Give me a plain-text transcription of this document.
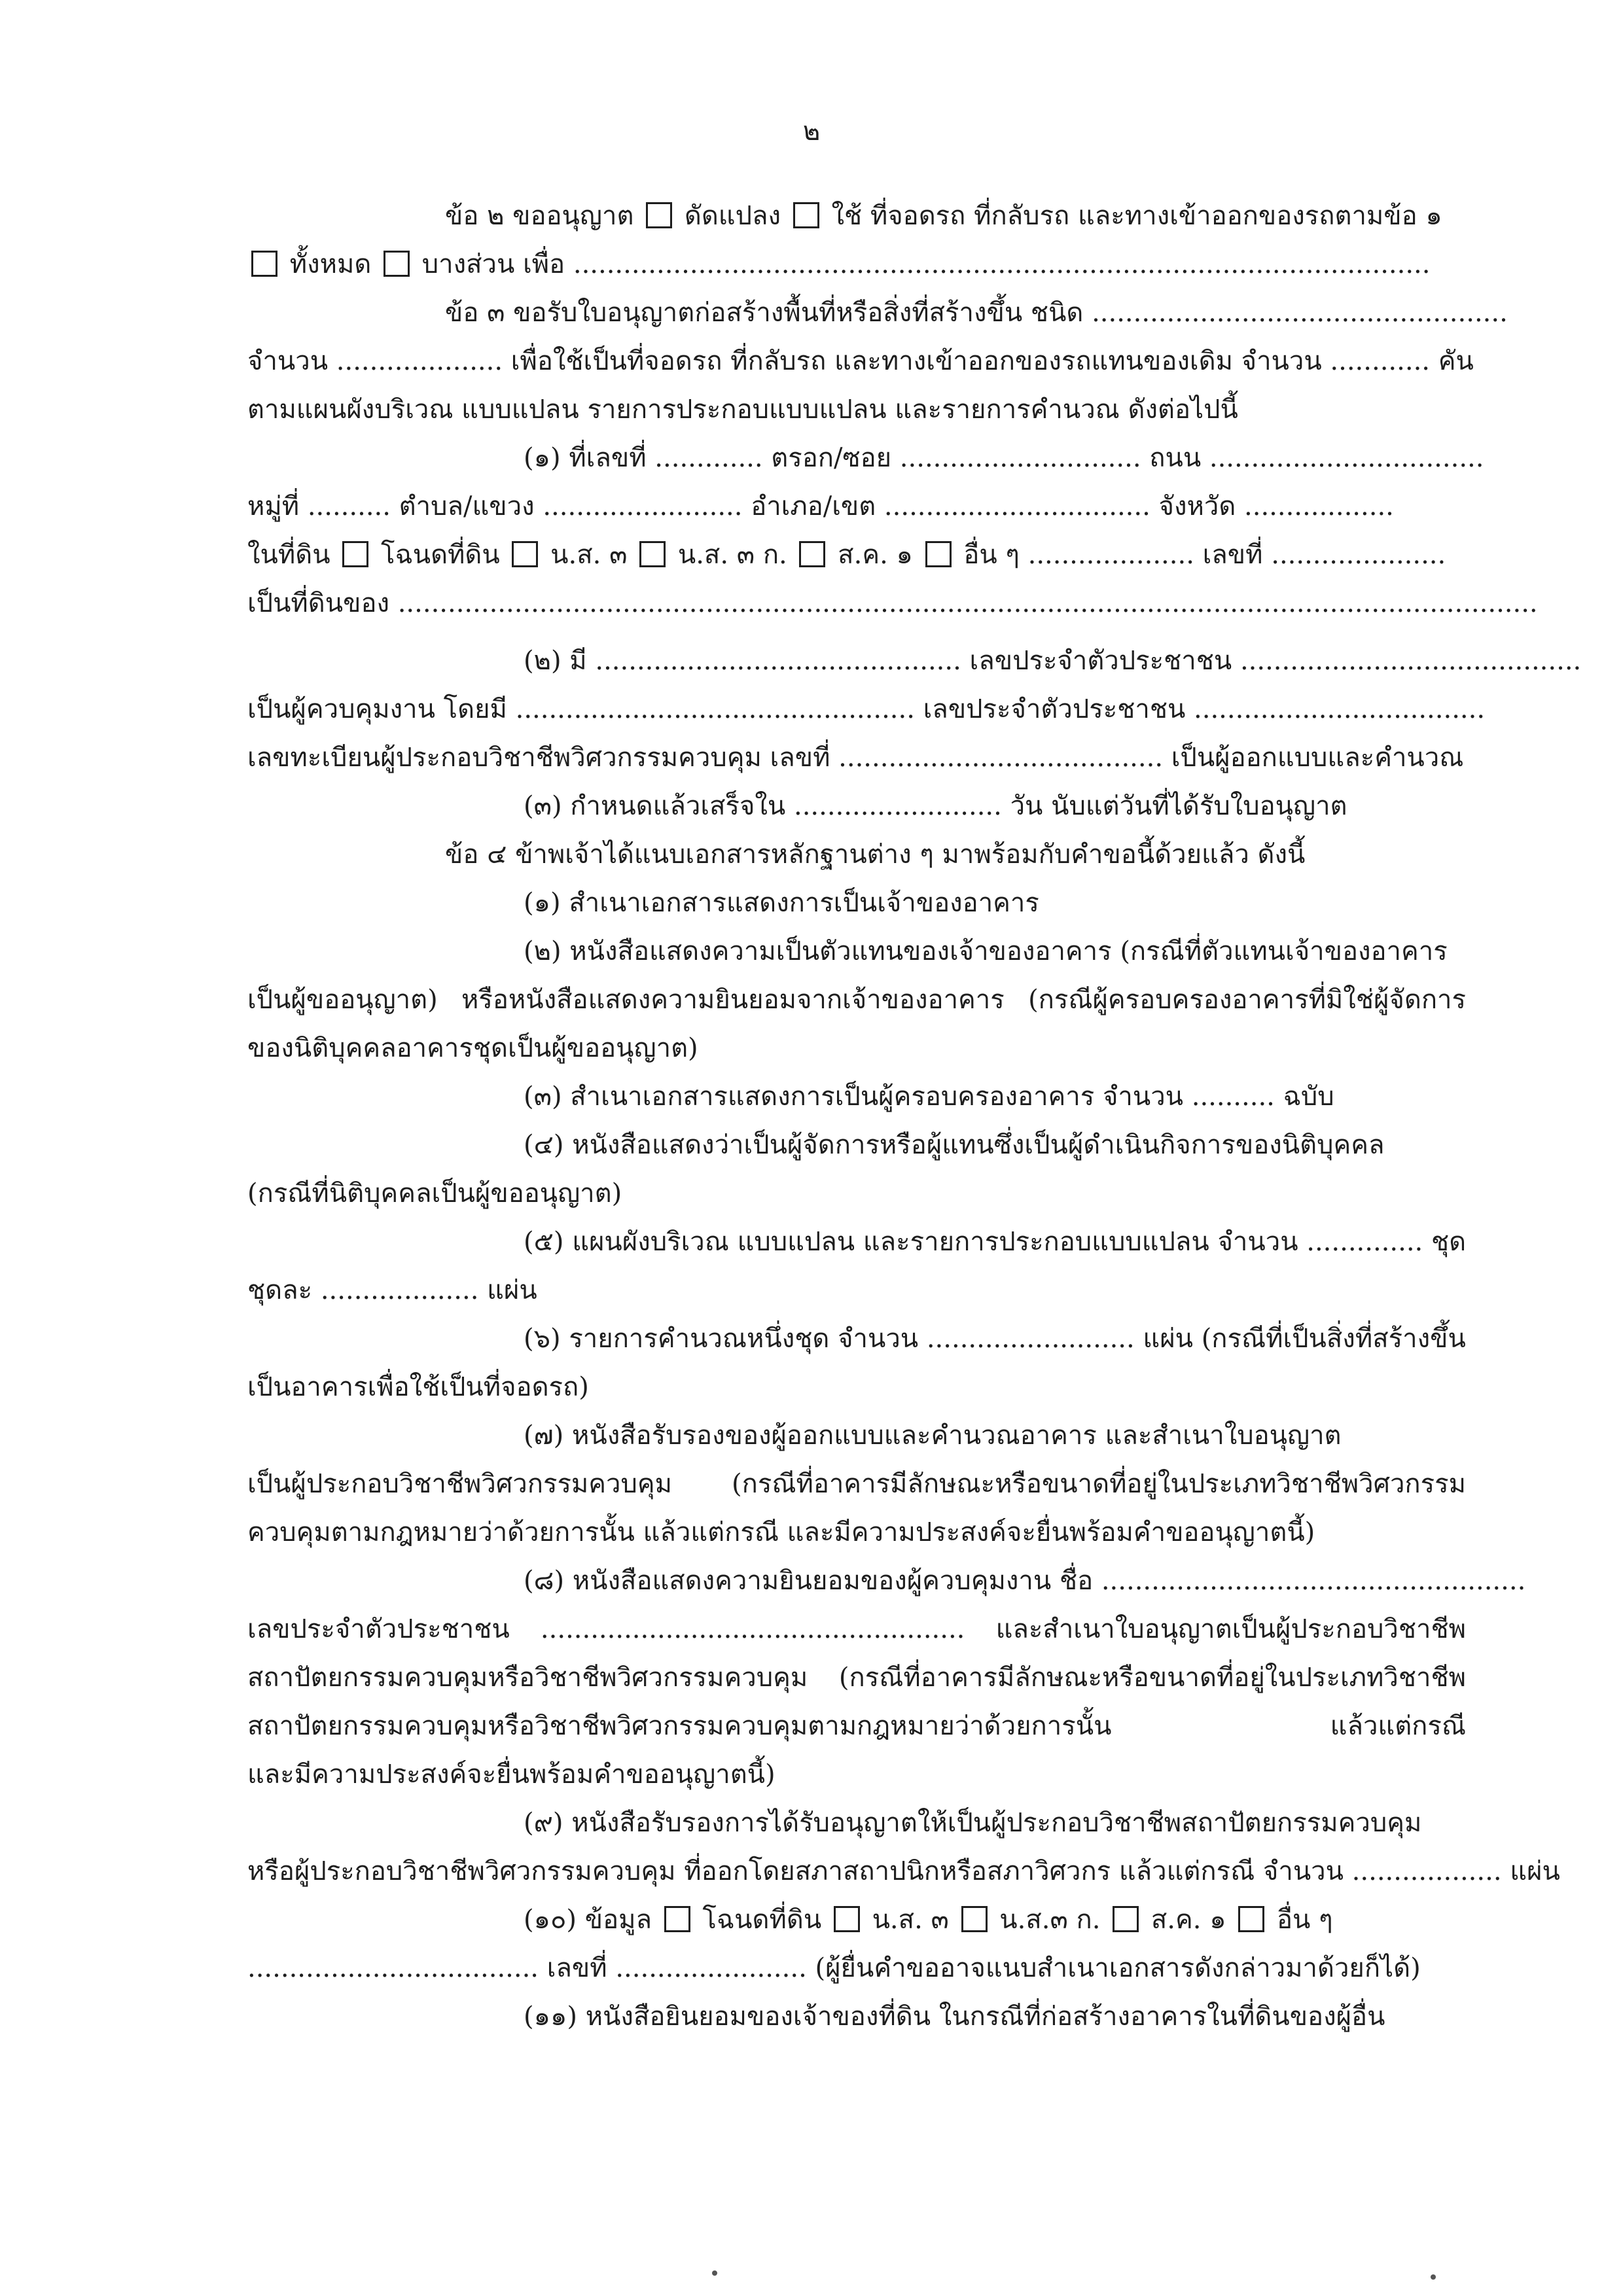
๒
ข้อ ๒ ขออนุญาต  ดัดแปลง  ใช้ ที่จอดรถ ที่กลับรถ และทางเข้าออกของรถตามข้อ ๑
ทั้งหมด  บางส่วน เพื่อ .......................................................................................................
ข้อ ๓ ขอรับใบอนุญาตก่อสร้างพื้นที่หรือสิ่งที่สร้างขึ้น ชนิด ..................................................
จำนวน .................... เพื่อใช้เป็นที่จอดรถ ที่กลับรถ และทางเข้าออกของรถแทนของเดิม จำนวน ............ คัน
ตามแผนผังบริเวณ แบบแปลน รายการประกอบแบบแปลน และรายการคำนวณ ดังต่อไปนี้
(๑) ที่เลขที่ ............. ตรอก/ซอย ............................. ถนน .................................
หมู่ที่ .......... ตำบล/แขวง ........................ อำเภอ/เขต ................................ จังหวัด ..................
ในที่ดิน  โฉนดที่ดิน  น.ส. ๓  น.ส. ๓ ก.  ส.ค. ๑  อื่น ๆ .................... เลขที่ .....................
เป็นที่ดินของ .........................................................................................................................................
(๒) มี ............................................ เลขประจำตัวประชาชน .........................................
เป็นผู้ควบคุมงาน โดยมี ................................................ เลขประจำตัวประชาชน ...................................
เลขทะเบียนผู้ประกอบวิชาชีพวิศวกรรมควบคุม เลขที่ ....................................... เป็นผู้ออกแบบและคำนวณ
(๓) กำหนดแล้วเสร็จใน ......................... วัน นับแต่วันที่ได้รับใบอนุญาต
ข้อ ๔ ข้าพเจ้าได้แนบเอกสารหลักฐานต่าง ๆ มาพร้อมกับคำขอนี้ด้วยแล้ว ดังนี้
(๑) สำเนาเอกสารแสดงการเป็นเจ้าของอาคาร
(๒) หนังสือแสดงความเป็นตัวแทนของเจ้าของอาคาร (กรณีที่ตัวแทนเจ้าของอาคาร
เป็นผู้ขออนุญาต) หรือหนังสือแสดงความยินยอมจากเจ้าของอาคาร (กรณีผู้ครอบครองอาคารที่มิใช่ผู้จัดการ
ของนิติบุคคลอาคารชุดเป็นผู้ขออนุญาต)
(๓) สำเนาเอกสารแสดงการเป็นผู้ครอบครองอาคาร จำนวน .......... ฉบับ
(๔) หนังสือแสดงว่าเป็นผู้จัดการหรือผู้แทนซึ่งเป็นผู้ดำเนินกิจการของนิติบุคคล
(กรณีที่นิติบุคคลเป็นผู้ขออนุญาต)
(๕) แผนผังบริเวณ แบบแปลน และรายการประกอบแบบแปลน จำนวน .............. ชุด
ชุดละ ................... แผ่น
(๖) รายการคำนวณหนึ่งชุด จำนวน ......................... แผ่น (กรณีที่เป็นสิ่งที่สร้างขึ้น
เป็นอาคารเพื่อใช้เป็นที่จอดรถ)
(๗) หนังสือรับรองของผู้ออกแบบและคำนวณอาคาร และสำเนาใบอนุญาต
เป็นผู้ประกอบวิชาชีพวิศวกรรมควบคุม (กรณีที่อาคารมีลักษณะหรือขนาดที่อยู่ในประเภทวิชาชีพวิศวกรรม
ควบคุมตามกฎหมายว่าด้วยการนั้น แล้วแต่กรณี และมีความประสงค์จะยื่นพร้อมคำขออนุญาตนี้)
(๘) หนังสือแสดงความยินยอมของผู้ควบคุมงาน ชื่อ ...................................................
เลขประจำตัวประชาชน ................................................... และสำเนาใบอนุญาตเป็นผู้ประกอบวิชาชีพ
สถาปัตยกรรมควบคุมหรือวิชาชีพวิศวกรรมควบคุม (กรณีที่อาคารมีลักษณะหรือขนาดที่อยู่ในประเภทวิชาชีพ
สถาปัตยกรรมควบคุมหรือวิชาชีพวิศวกรรมควบคุมตามกฎหมายว่าด้วยการนั้น แล้วแต่กรณี
และมีความประสงค์จะยื่นพร้อมคำขออนุญาตนี้)
(๙) หนังสือรับรองการได้รับอนุญาตให้เป็นผู้ประกอบวิชาชีพสถาปัตยกรรมควบคุม
หรือผู้ประกอบวิชาชีพวิศวกรรมควบคุม ที่ออกโดยสภาสถาปนิกหรือสภาวิศวกร แล้วแต่กรณี จำนวน .................. แผ่น
(๑๐) ข้อมูล  โฉนดที่ดิน  น.ส. ๓  น.ส.๓ ก.  ส.ค. ๑  อื่น ๆ
................................... เลขที่ ....................... (ผู้ยื่นคำขออาจแนบสำเนาเอกสารดังกล่าวมาด้วยก็ได้)
(๑๑) หนังสือยินยอมของเจ้าของที่ดิน ในกรณีที่ก่อสร้างอาคารในที่ดินของผู้อื่น
